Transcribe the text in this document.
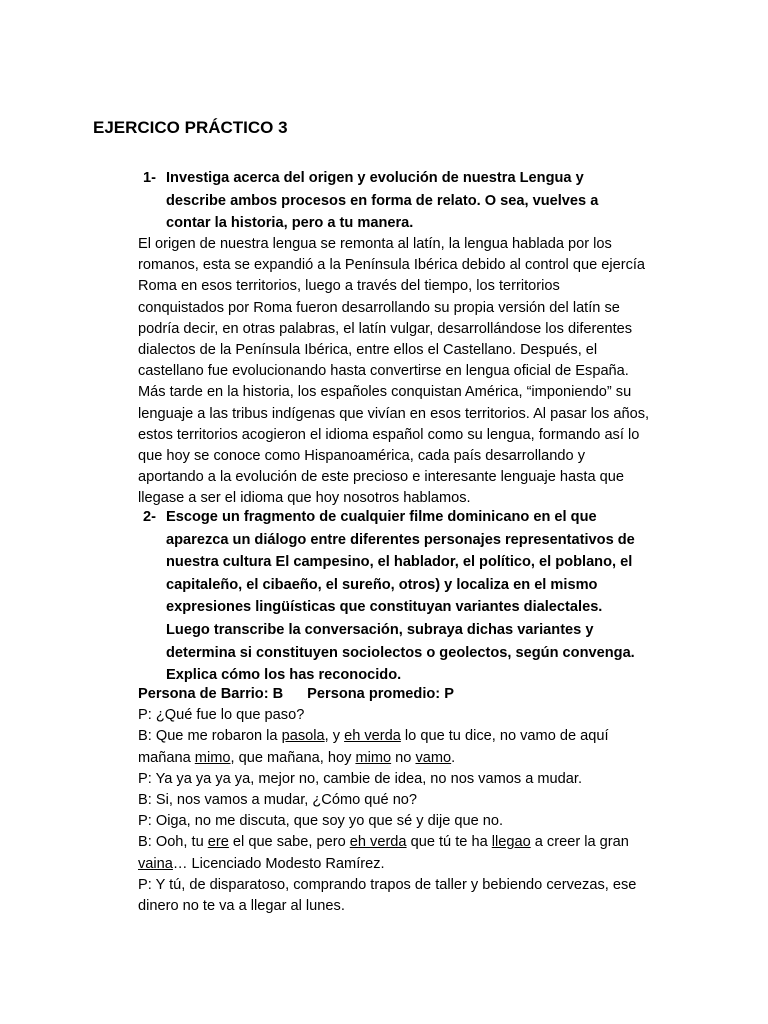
EJERCICO PRÁCTICO 3
1- Investiga acerca del origen y evolución de nuestra Lengua y
describe ambos procesos en forma de relato. O sea, vuelves a
contar la historia, pero a tu manera.
El origen de nuestra lengua se remonta al latín, la lengua hablada por los
romanos, esta se expandió a la Península Ibérica debido al control que ejercía
Roma en esos territorios, luego a través del tiempo, los territorios
conquistados por Roma fueron desarrollando su propia versión del latín se
podría decir, en otras palabras, el latín vulgar, desarrollándose los diferentes
dialectos de la Península Ibérica, entre ellos el Castellano. Después, el
castellano fue evolucionando hasta convertirse en lengua oficial de España.
Más tarde en la historia, los españoles conquistan América, “imponiendo” su
lenguaje a las tribus indígenas que vivían en esos territorios. Al pasar los años,
estos territorios acogieron el idioma español como su lengua, formando así lo
que hoy se conoce como Hispanoamérica, cada país desarrollando y
aportando a la evolución de este precioso e interesante lenguaje hasta que
llegase a ser el idioma que hoy nosotros hablamos.
2- Escoge un fragmento de cualquier filme dominicano en el que
aparezca un diálogo entre diferentes personajes representativos de
nuestra cultura El campesino, el hablador, el político, el poblano, el
capitaleño, el cibaeño, el sureño, otros) y localiza en el mismo
expresiones lingüísticas que constituyan variantes dialectales.
Luego transcribe la conversación, subraya dichas variantes y
determina si constituyen sociolectos o geolectos, según convenga.
Explica cómo los has reconocido.
Persona de Barrio: B Persona promedio: P
P: ¿Qué fue lo que paso?
B: Que me robaron la pasola, y eh verda lo que tu dice, no vamo de aquí
mañana mimo, que mañana, hoy mimo no vamo.
P: Ya ya ya ya ya, mejor no, cambie de idea, no nos vamos a mudar.
B: Si, nos vamos a mudar, ¿Cómo qué no?
P: Oiga, no me discuta, que soy yo que sé y dije que no.
B: Ooh, tu ere el que sabe, pero eh verda que tú te ha llegao a creer la gran
vaina… Licenciado Modesto Ramírez.
P: Y tú, de disparatoso, comprando trapos de taller y bebiendo cervezas, ese
dinero no te va a llegar al lunes.
